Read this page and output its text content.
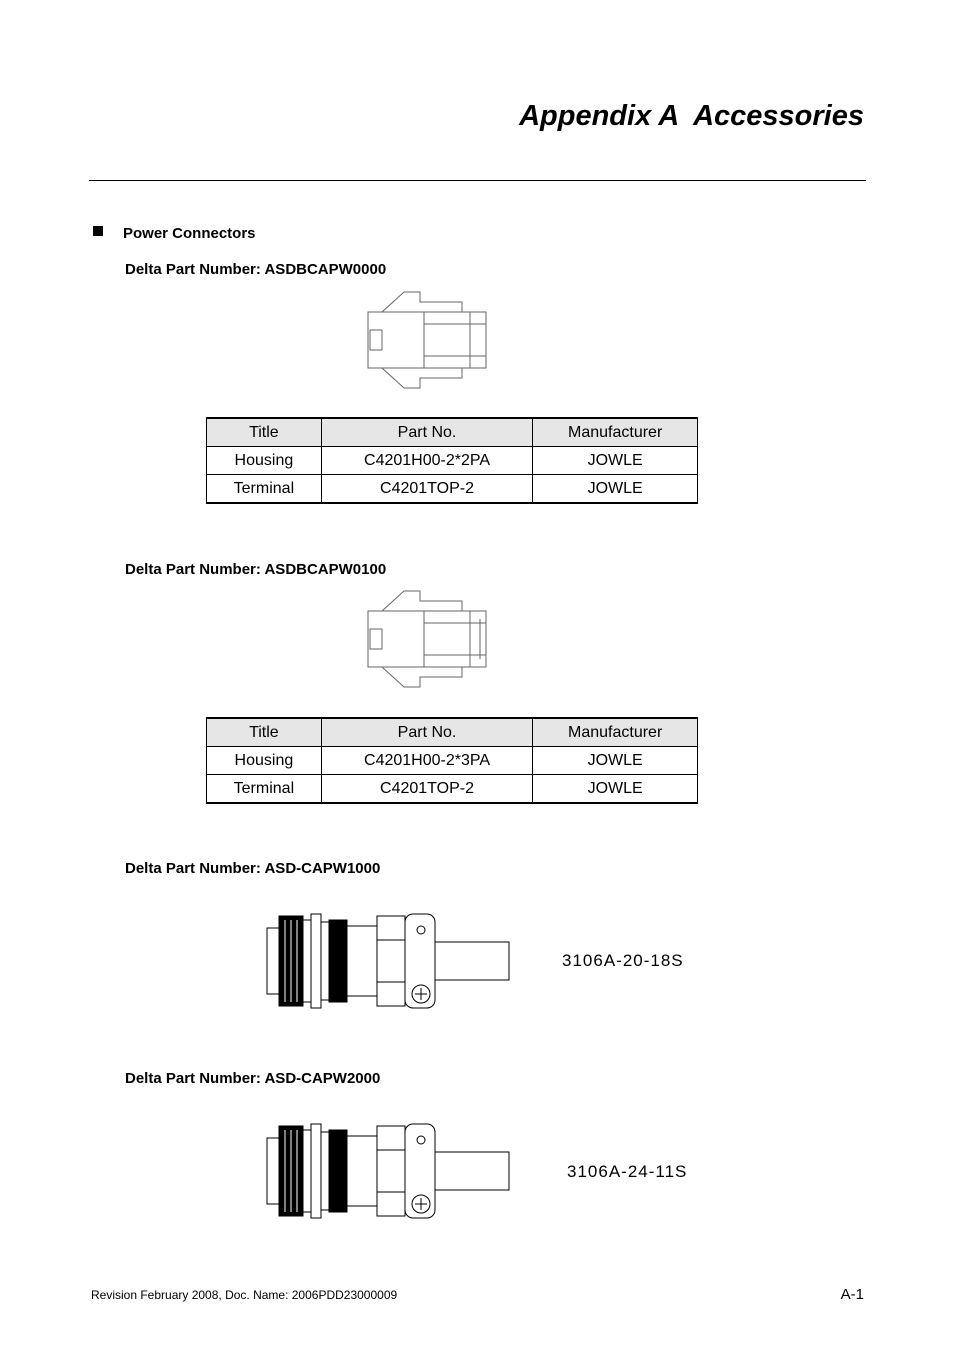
Appendix A  Accessories
Power Connectors
Delta Part Number: ASDBCAPW0000
Title	Part No.	Manufacturer
Housing	C4201H00-2*2PA	JOWLE
Terminal	C4201TOP-2	JOWLE
Delta Part Number: ASDBCAPW0100
Title	Part No.	Manufacturer
Housing	C4201H00-2*3PA	JOWLE
Terminal	C4201TOP-2	JOWLE
Delta Part Number: ASD-CAPW1000
3106A-20-18S
Delta Part Number: ASD-CAPW2000
3106A-24-11S
Revision February 2008, Doc. Name: 2006PDD23000009	A-1
